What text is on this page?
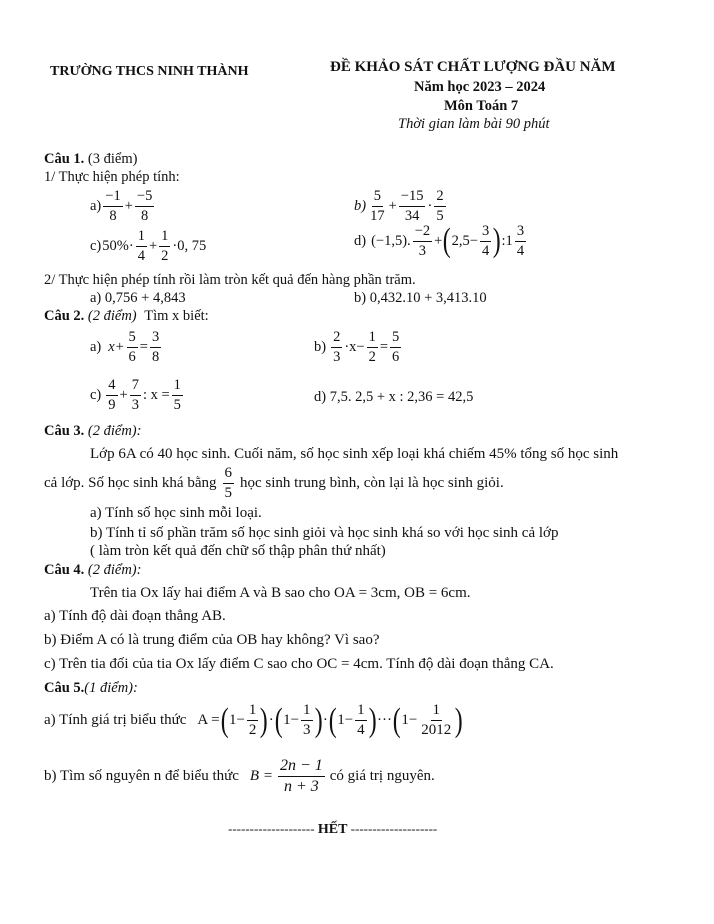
TRƯỜNG THCS NINH THÀNH	ĐỀ KHẢO SÁT CHẤT LƯỢNG ĐẦU NĂM
Năm học 2023 – 2024
Môn Toán 7
Thời gian làm bài 90 phút
Câu 1. (3 điểm)
1/ Thực hiện phép tính:
$a) \frac{-1}{8} + \frac{-5}{8}$	$b) \frac{5}{17} + \frac{-15}{34} \cdot \frac{2}{5}$
c) $50\%\cdot \frac{1}{4} + \frac{1}{2} \cdot 0$, 75	d) (−1,5). $\frac{-2}{3}$ + ( $2,5- \frac{3}{4}$ ) :1 $\frac{3}{4}$
2/ Thực hiện phép tính rồi làm tròn kết quả đến hàng phần trăm.
a) 0,756 + 4,843	b) 0,432.10 + 3,413.10
Câu 2. (2 điểm) Tìm x biết:
a) $x+ \frac{5}{6} = \frac{3}{8}$	$b) \frac{2}{3} \cdot x- \frac{1}{2} = \frac{5}{6}$
$c) \frac{4}{9} + \frac{7}{3}$ : $x = \frac{1}{5}$	d) 7,5. 2,5 + x : 2,36 = 42,5
Câu 3. (2 điểm):
Lớp 6A có 40 học sinh. Cuối năm, số học sinh xếp loại khá chiếm 45% tổng số học sinh
cả lớp. Số học sinh khá bằng $\frac{6}{5}$ học sinh trung bình, còn lại là học sinh giỏi.
a) Tính số học sinh mỗi loại.
b) Tính tỉ số phần trăm số học sinh giỏi và học sinh khá so với học sinh cả lớp
( làm tròn kết quả đến chữ số thập phân thứ nhất)
Câu 4. (2 điểm):
Trên tia Ox lấy hai điểm A và B sao cho OA = 3cm, OB = 6cm.
a) Tính độ dài đoạn thẳng AB.
b) Điểm A có là trung điểm của OB hay không? Vì sao?
c) Trên tia đối của tia Ox lấy điểm C sao cho OC = 4cm. Tính độ dài đoạn thẳng CA.
Câu 5.(1 điểm):
a) Tính giá trị biểu thức A = ( $1- \frac{1}{2}$ ) · ( $1- \frac{1}{3}$ ) · ( $1- \frac{1}{4}$ ) ··· ( $1- \frac{1}{2012}$ )
b) Tìm số nguyên n để biểu thức $B = \frac{2n - 1}{n + 3}$ có giá trị nguyên.
-------------------- HẾT --------------------
